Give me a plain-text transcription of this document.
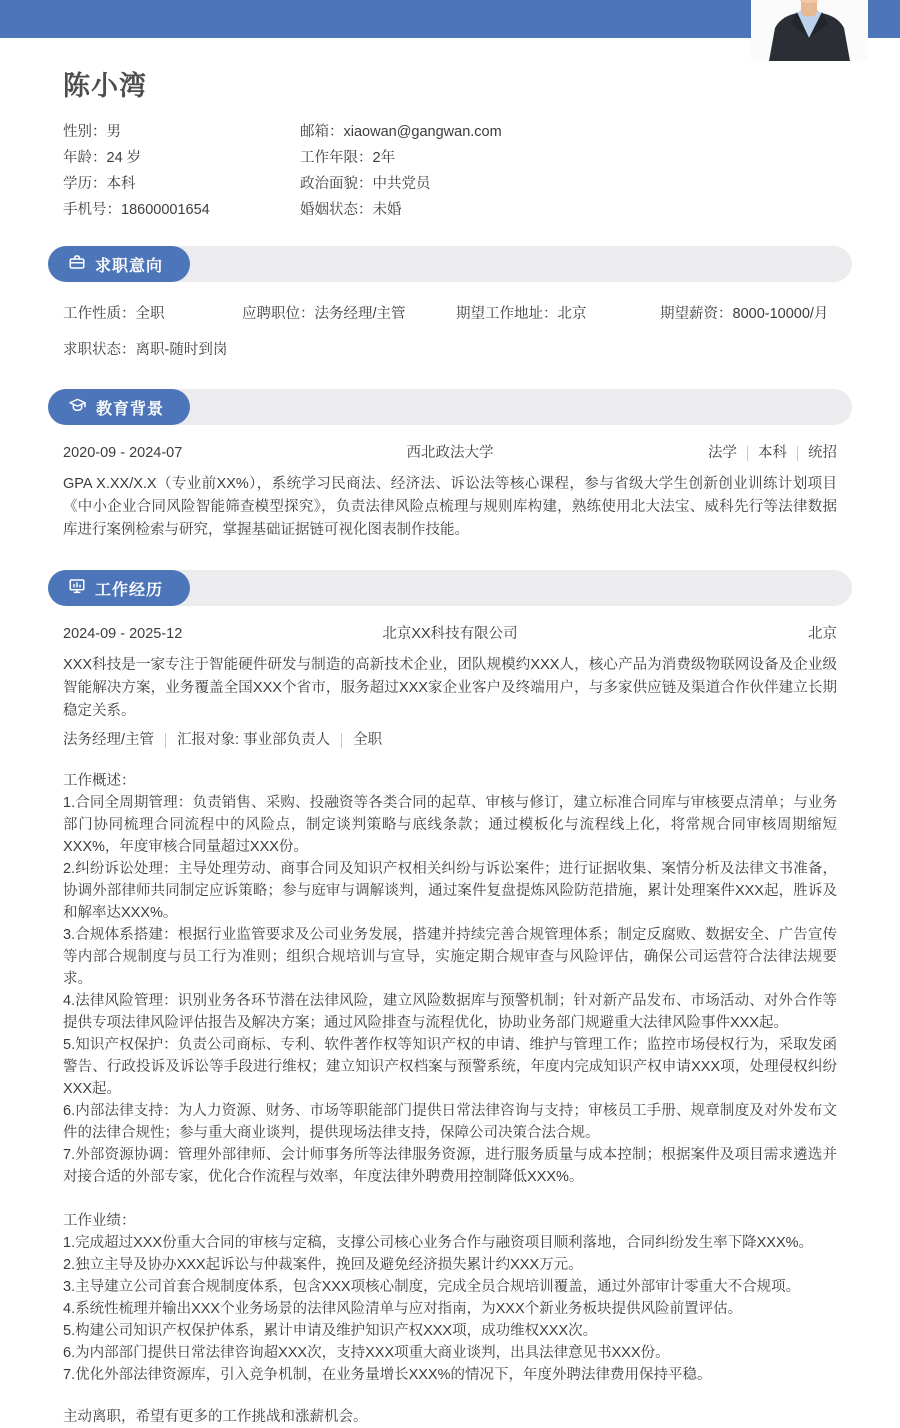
陈小湾
性别：男	邮箱：xiaowan@gangwan.com
年龄：24 岁	工作年限：2年
学历：本科	政治面貌：中共党员
手机号：18600001654	婚姻状态：未婚
求职意向
工作性质：全职	应聘职位：法务经理/主管	期望工作地址：北京	期望薪资：8000-10000/月
求职状态：离职-随时到岗
教育背景
2020-09 - 2024-07	西北政法大学	法学	本科	统招

GPA X.XX/X.X（专业前XX%），系统学习民商法、经济法、诉讼法等核心课程，参与省级大学生创新创业训练计划项目《中小企业合同风险智能筛查模型探究》，负责法律风险点梳理与规则库构建，熟练使用北大法宝、威科先行等法律数据库进行案例检索与研究，掌握基础证据链可视化图表制作技能。

工作经历
2024-09 - 2025-12	北京XX科技有限公司	北京

XXX科技是一家专注于智能硬件研发与制造的高新技术企业，团队规模约XXX人，核心产品为消费级物联网设备及企业级智能解决方案，业务覆盖全国XXX个省市，服务超过XXX家企业客户及终端用户，与多家供应链及渠道合作伙伴建立长期稳定关系。

法务经理/主管	汇报对象: 事业部负责人	全职
工作概述：
1.合同全周期管理：负责销售、采购、投融资等各类合同的起草、审核与修订，建立标准合同库与审核要点清单；与业务部门协同梳理合同流程中的风险点，制定谈判策略与底线条款；通过模板化与流程线上化，将常规合同审核周期缩短XXX%，年度审核合同量超过XXX份。
2.纠纷诉讼处理：主导处理劳动、商事合同及知识产权相关纠纷与诉讼案件；进行证据收集、案情分析及法律文书准备，协调外部律师共同制定应诉策略；参与庭审与调解谈判，通过案件复盘提炼风险防范措施，累计处理案件XXX起，胜诉及和解率达XXX%。
3.合规体系搭建：根据行业监管要求及公司业务发展，搭建并持续完善合规管理体系；制定反腐败、数据安全、广告宣传等内部合规制度与员工行为准则；组织合规培训与宣导，实施定期合规审查与风险评估，确保公司运营符合法律法规要求。
4.法律风险管理：识别业务各环节潜在法律风险，建立风险数据库与预警机制；针对新产品发布、市场活动、对外合作等提供专项法律风险评估报告及解决方案；通过风险排查与流程优化，协助业务部门规避重大法律风险事件XXX起。
5.知识产权保护：负责公司商标、专利、软件著作权等知识产权的申请、维护与管理工作；监控市场侵权行为，采取发函警告、行政投诉及诉讼等手段进行维权；建立知识产权档案与预警系统，年度内完成知识产权申请XXX项，处理侵权纠纷XXX起。
6.内部法律支持：为人力资源、财务、市场等职能部门提供日常法律咨询与支持；审核员工手册、规章制度及对外发布文件的法律合规性；参与重大商业谈判，提供现场法律支持，保障公司决策合法合规。
7.外部资源协调：管理外部律师、会计师事务所等法律服务资源，进行服务质量与成本控制；根据案件及项目需求遴选并对接合适的外部专家，优化合作流程与效率，年度法律外聘费用控制降低XXX%。
工作业绩：
1.完成超过XXX份重大合同的审核与定稿，支撑公司核心业务合作与融资项目顺利落地，合同纠纷发生率下降XXX%。
2.独立主导及协办XXX起诉讼与仲裁案件，挽回及避免经济损失累计约XXX万元。
3.主导建立公司首套合规制度体系，包含XXX项核心制度，完成全员合规培训覆盖，通过外部审计零重大不合规项。
4.系统性梳理并输出XXX个业务场景的法律风险清单与应对指南，为XXX个新业务板块提供风险前置评估。
5.构建公司知识产权保护体系，累计申请及维护知识产权XXX项，成功维权XXX次。
6.为内部部门提供日常法律咨询超XXX次，支持XXX项重大商业谈判，出具法律意见书XXX份。
7.优化外部法律资源库，引入竞争机制，在业务量增长XXX%的情况下，年度外聘法律费用保持平稳。
主动离职，希望有更多的工作挑战和涨薪机会。
